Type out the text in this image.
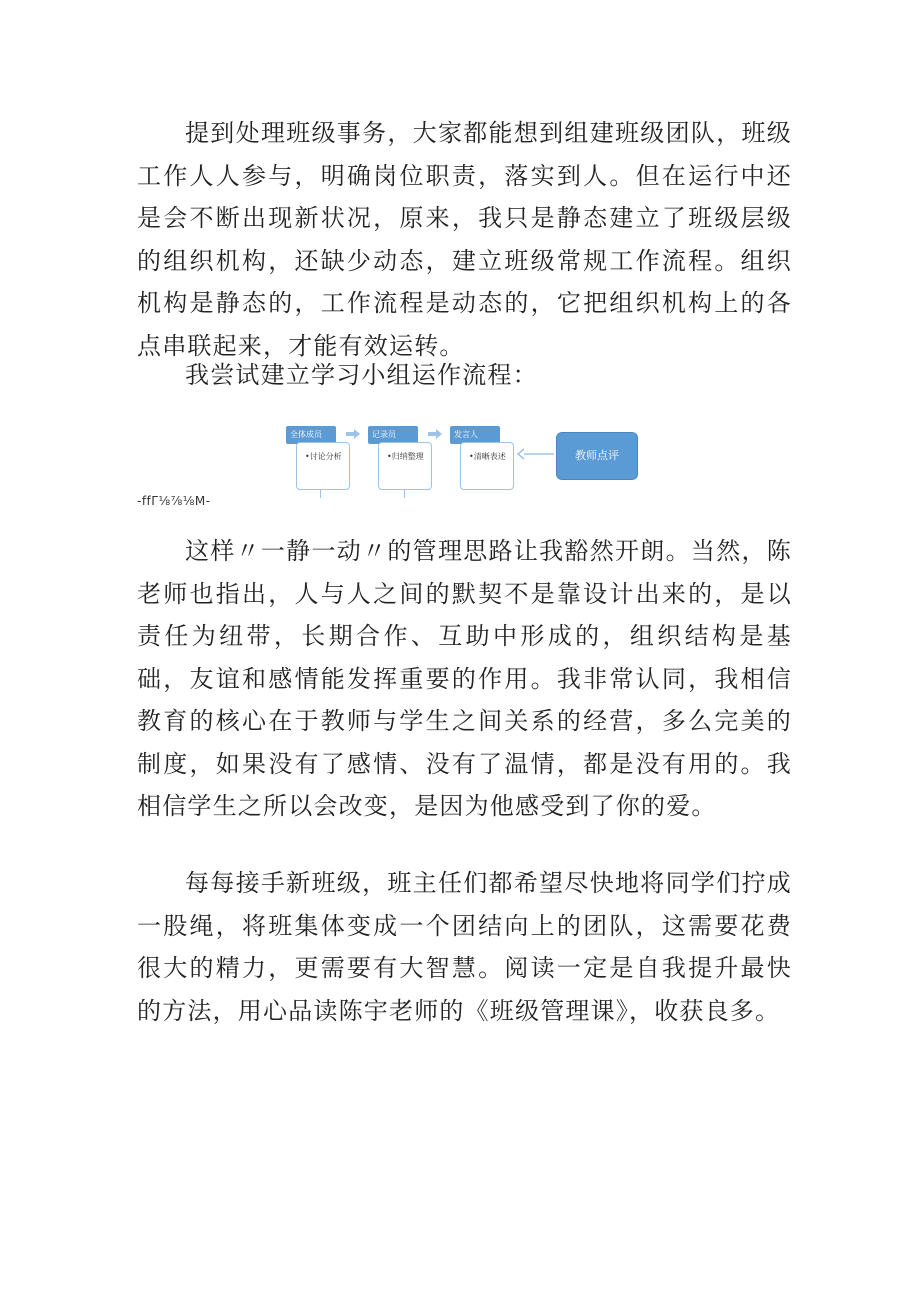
提到处理班级事务，大家都能想到组建班级团队，班级工作人人参与，明确岗位职责，落实到人。但在运行中还是会不断出现新状况，原来，我只是静态建立了班级层级的组织机构，还缺少动态，建立班级常规工作流程。组织机构是静态的，工作流程是动态的，它把组织机构上的各点串联起来，才能有效运转。

我尝试建立学习小组运作流程：

全体成员
•讨论分析
记录员
•归纳整理
发言人
•清晰表述	教师点评
-ffΓ⅛⅞⅛M-

这样〃一静一动〃的管理思路让我豁然开朗。当然，陈老师也指出，人与人之间的默契不是靠设计出来的，是以责任为纽带，长期合作、互助中形成的，组织结构是基础，友谊和感情能发挥重要的作用。我非常认同，我相信教育的核心在于教师与学生之间关系的经营，多么完美的制度，如果没有了感情、没有了温情，都是没有用的。我相信学生之所以会改变，是因为他感受到了你的爱。

每每接手新班级，班主任们都希望尽快地将同学们拧成一股绳，将班集体变成一个团结向上的团队，这需要花费很大的精力，更需要有大智慧。阅读一定是自我提升最快的方法，用心品读陈宇老师的《班级管理课》，收获良多。
